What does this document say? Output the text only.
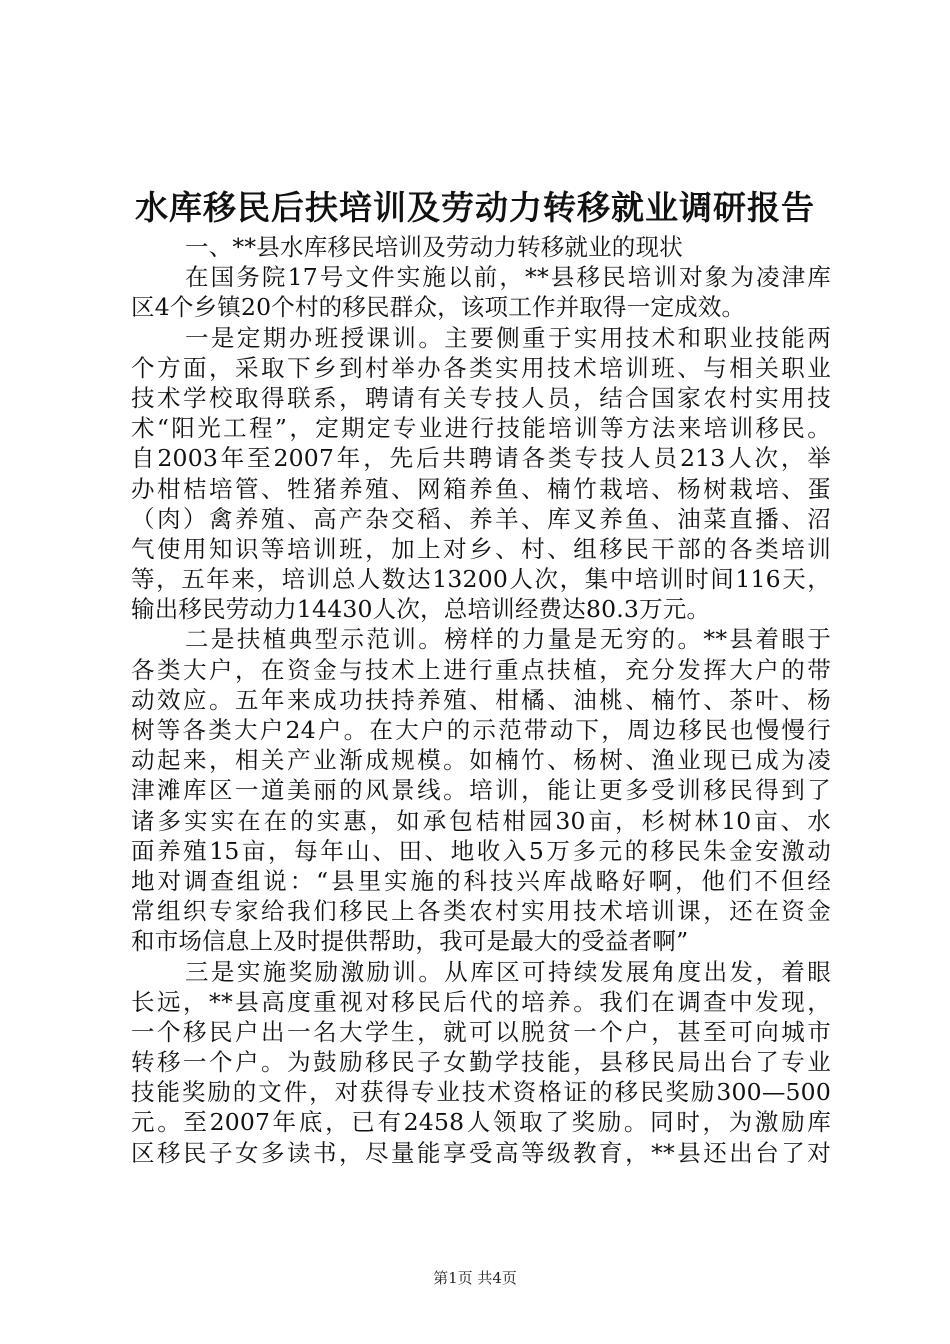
水库移民后扶培训及劳动力转移就业调研报告
一、**县水库移民培训及劳动力转移就业的现状
在国务院17号文件实施以前，**县移民培训对象为凌津库
区4个乡镇20个村的移民群众，该项工作并取得一定成效。
一是定期办班授课训。主要侧重于实用技术和职业技能两
个方面，采取下乡到村举办各类实用技术培训班、与相关职业
技术学校取得联系，聘请有关专技人员，结合国家农村实用技
术“阳光工程”，定期定专业进行技能培训等方法来培训移民。
自2003年至2007年，先后共聘请各类专技人员213人次，举
办柑桔培管、牲猪养殖、网箱养鱼、楠竹栽培、杨树栽培、蛋
（肉）禽养殖、高产杂交稻、养羊、库叉养鱼、油菜直播、沼
气使用知识等培训班，加上对乡、村、组移民干部的各类培训
等，五年来，培训总人数达13200人次，集中培训时间116天，
输出移民劳动力14430人次，总培训经费达80.3万元。
二是扶植典型示范训。榜样的力量是无穷的。**县着眼于
各类大户，在资金与技术上进行重点扶植，充分发挥大户的带
动效应。五年来成功扶持养殖、柑橘、油桃、楠竹、茶叶、杨
树等各类大户24户。在大户的示范带动下，周边移民也慢慢行
动起来，相关产业渐成规模。如楠竹、杨树、渔业现已成为凌
津滩库区一道美丽的风景线。培训，能让更多受训移民得到了
诸多实实在在的实惠，如承包桔柑园30亩，杉树林10亩、水
面养殖15亩，每年山、田、地收入5万多元的移民朱金安激动
地对调查组说：“县里实施的科技兴库战略好啊，他们不但经
常组织专家给我们移民上各类农村实用技术培训课，还在资金
和市场信息上及时提供帮助，我可是最大的受益者啊”
三是实施奖励激励训。从库区可持续发展角度出发，着眼
长远，**县高度重视对移民后代的培养。我们在调查中发现，
一个移民户出一名大学生，就可以脱贫一个户，甚至可向城市
转移一个户。为鼓励移民子女勤学技能，县移民局出台了专业
技能奖励的文件，对获得专业技术资格证的移民奖励300—500
元。至2007年底，已有2458人领取了奖励。同时，为激励库
区移民子女多读书，尽量能享受高等级教育，**县还出台了对
第1页 共4页
